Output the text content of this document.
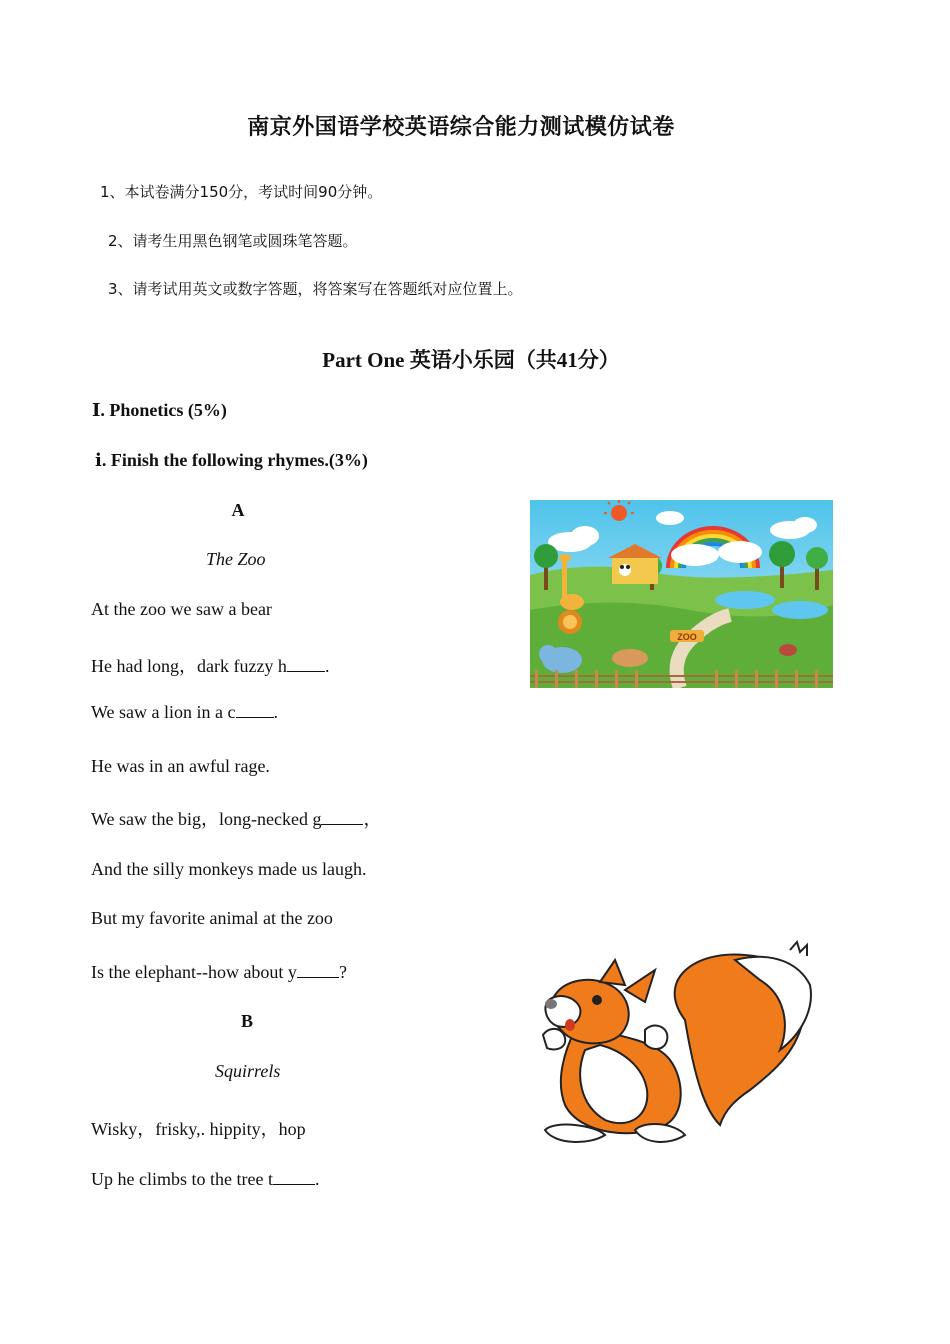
南京外国语学校英语综合能力测试模仿试卷
1、本试卷满分150分，考试时间90分钟。
2、请考生用黑色钢笔或圆珠笔答题。
3、请考试用英文或数字答题，将答案写在答题纸对应位置上。
Part One 英语小乐园（共41分）
Ⅰ. Phonetics (5%)
ⅰ. Finish the following rhymes.(3%)
A
The Zoo
At the zoo we saw a bear
He had long，dark fuzzy h .
We saw a lion in a c .
He was in an awful rage.
We saw the big，long-necked g ，
And the silly monkeys made us laugh.
But my favorite animal at the zoo
Is the elephant--how about y ?
B
Squirrels
Wisky，frisky,. hippity，hop
Up he climbs to the tree t .
ZOO
